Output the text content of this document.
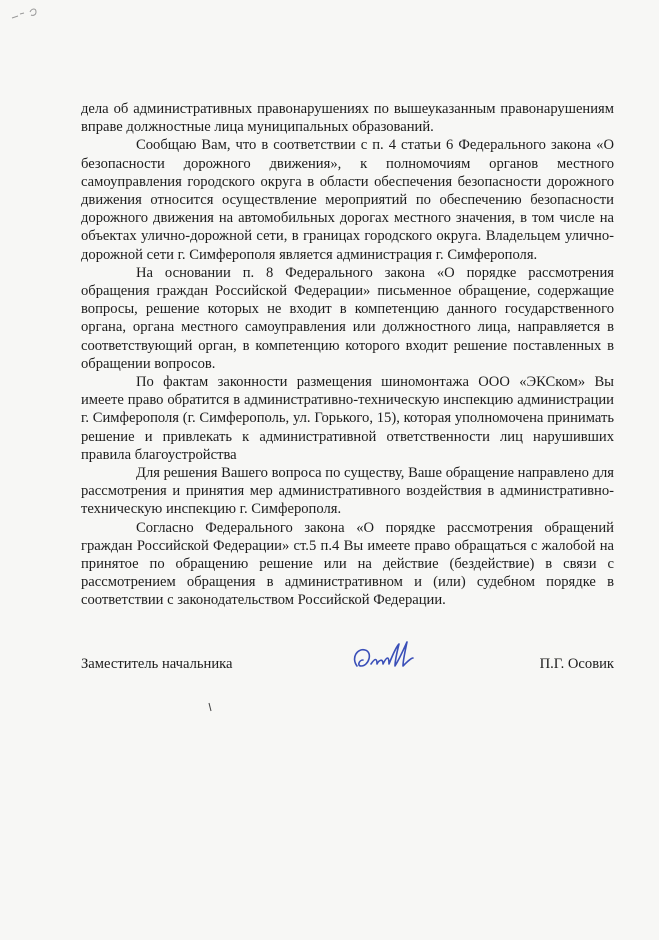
дела об административных правонарушениях по вышеуказанным правонарушениям вправе должностные лица муниципальных образований.

Сообщаю Вам, что в соответствии с п. 4 статьи 6 Федерального закона «О безопасности дорожного движения», к полномочиям органов местного самоуправления городского округа в области обеспечения безопасности дорожного движения относится осуществление мероприятий по обеспечению безопасности дорожного движения на автомобильных дорогах местного значения, в том числе на объектах улично-дорожной сети, в границах городского округа. Владельцем улично-дорожной сети г. Симферополя является администрация г. Симферополя.

На основании п. 8 Федерального закона «О порядке рассмотрения обращения граждан Российской Федерации» письменное обращение, содержащие вопросы, решение которых не входит в компетенцию данного государственного органа, органа местного самоуправления или должностного лица, направляется в соответствующий орган, в компетенцию которого входит решение поставленных в обращении вопросов.

По фактам законности размещения шиномонтажа ООО «ЭКСком» Вы имеете право обратится в административно-техническую инспекцию администрации г. Симферополя (г. Симферополь, ул. Горького, 15), которая уполномочена принимать решение и привлекать к административной ответственности лиц нарушивших правила благоустройства

Для решения Вашего вопроса по существу, Ваше обращение направлено для рассмотрения и принятия мер административного воздействия в административно-техническую инспекцию г. Симферополя.

Согласно Федерального закона «О порядке рассмотрения обращений граждан Российской Федерации» ст.5 п.4 Вы имеете право обращаться с жалобой на принятое по обращению решение или на действие (бездействие) в связи с рассмотрением обращения в административном и (или) судебном порядке в соответствии с законодательством Российской Федерации.

Заместитель начальника	П.Г. Осовик
